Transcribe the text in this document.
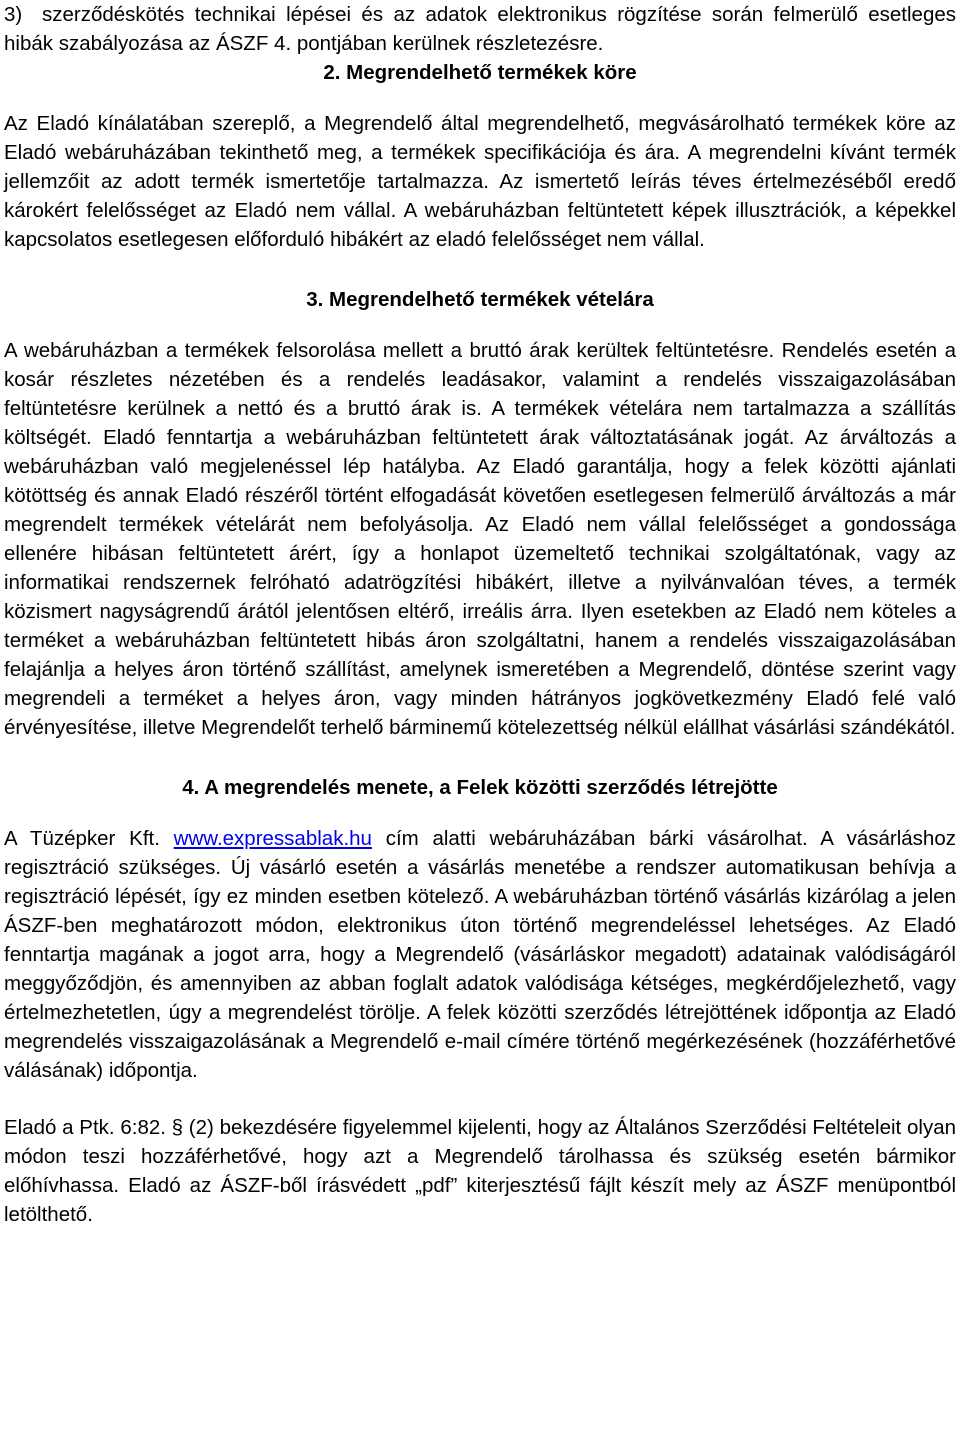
3) szerződéskötés technikai lépései és az adatok elektronikus rögzítése során felmerülő esetleges hibák szabályozása az ÁSZF 4. pontjában kerülnek részletezésre.

2. Megrendelhető termékek köre

Az Eladó kínálatában szereplő, a Megrendelő által megrendelhető, megvásárolható termékek köre az Eladó webáruházában tekinthető meg, a termékek specifikációja és ára. A megrendelni kívánt termék jellemzőit az adott termék ismertetője tartalmazza. Az ismertető leírás téves értelmezéséből eredő károkért felelősséget az Eladó nem vállal. A webáruházban feltüntetett képek illusztrációk, a képekkel kapcsolatos esetlegesen előforduló hibákért az eladó felelősséget nem vállal.

3. Megrendelhető termékek vételára

A webáruházban a termékek felsorolása mellett a bruttó árak kerültek feltüntetésre. Rendelés esetén a kosár részletes nézetében és a rendelés leadásakor, valamint a rendelés visszaigazolásában feltüntetésre kerülnek a nettó és a bruttó árak is. A termékek vételára nem tartalmazza a szállítás költségét. Eladó fenntartja a webáruházban feltüntetett árak változtatásának jogát. Az árváltozás a webáruházban való megjelenéssel lép hatályba. Az Eladó garantálja, hogy a felek közötti ajánlati kötöttség és annak Eladó részéről történt elfogadását követően esetlegesen felmerülő árváltozás a már megrendelt termékek vételárát nem befolyásolja. Az Eladó nem vállal felelősséget a gondossága ellenére hibásan feltüntetett árért, így a honlapot üzemeltető technikai szolgáltatónak, vagy az informatikai rendszernek felróható adatrögzítési hibákért, illetve a nyilvánvalóan téves, a termék közismert nagyságrendű árától jelentősen eltérő, irreális árra. Ilyen esetekben az Eladó nem köteles a terméket a webáruházban feltüntetett hibás áron szolgáltatni, hanem a rendelés visszaigazolásában felajánlja a helyes áron történő szállítást, amelynek ismeretében a Megrendelő, döntése szerint vagy megrendeli a terméket a helyes áron, vagy minden hátrányos jogkövetkezmény Eladó felé való érvényesítése, illetve Megrendelőt terhelő bárminemű kötelezettség nélkül elállhat vásárlási szándékától.

4. A megrendelés menete, a Felek közötti szerződés létrejötte

A Tüzépker Kft. www.expressablak.hu cím alatti webáruházában bárki vásárolhat. A vásárláshoz regisztráció szükséges. Új vásárló esetén a vásárlás menetébe a rendszer automatikusan behívja a regisztráció lépését, így ez minden esetben kötelező. A webáruházban történő vásárlás kizárólag a jelen ÁSZF-ben meghatározott módon, elektronikus úton történő megrendeléssel lehetséges. Az Eladó fenntartja magának a jogot arra, hogy a Megrendelő (vásárláskor megadott) adatainak valódiságáról meggyőződjön, és amennyiben az abban foglalt adatok valódisága kétséges, megkérdőjelezhető, vagy értelmezhetetlen, úgy a megrendelést törölje. A felek közötti szerződés létrejöttének időpontja az Eladó megrendelés visszaigazolásának a Megrendelő e-mail címére történő megérkezésének (hozzáférhetővé válásának) időpontja.

Eladó a Ptk. 6:82. § (2) bekezdésére figyelemmel kijelenti, hogy az Általános Szerződési Feltételeit olyan módon teszi hozzáférhetővé, hogy azt a Megrendelő tárolhassa és szükség esetén bármikor előhívhassa. Eladó az ÁSZF-ből írásvédett „pdf” kiterjesztésű fájlt készít mely az ÁSZF menüpontból letölthető.
